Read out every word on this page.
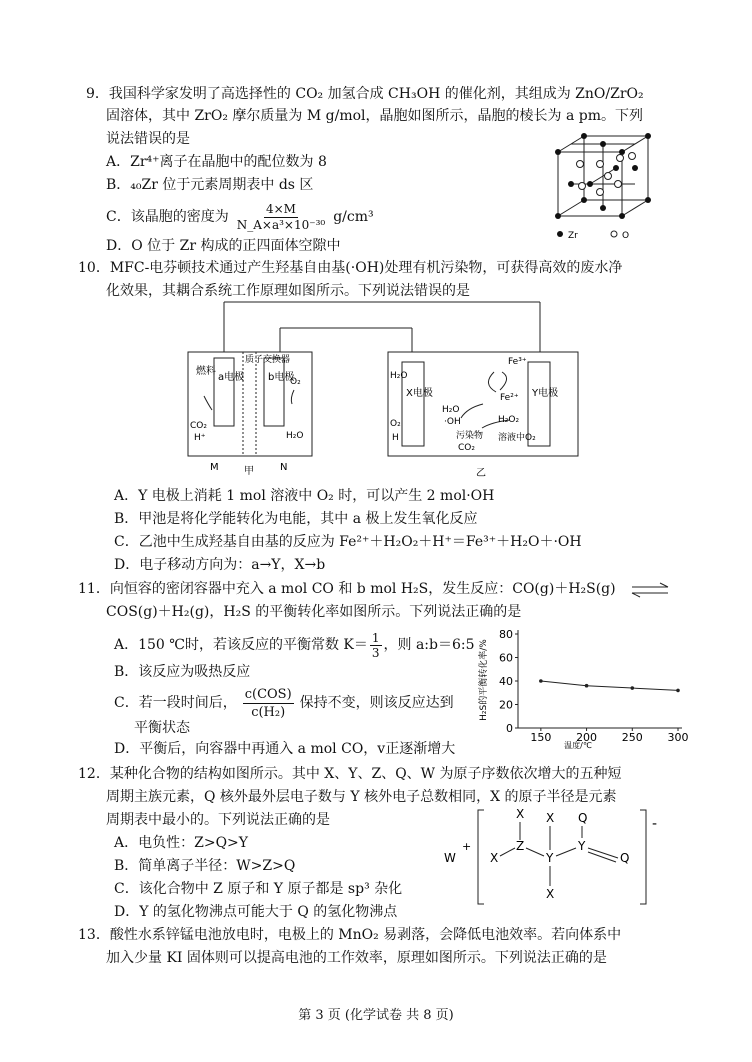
9．我国科学家发明了高选择性的 CO₂ 加氢合成 CH₃OH 的催化剂，其组成为 ZnO/ZrO₂
固溶体，其中 ZrO₂ 摩尔质量为 M g/mol，晶胞如图所示，晶胞的棱长为 a pm。下列
说法错误的是
A．Zr⁴⁺离子在晶胞中的配位数为 8
B．₄₀Zr 位于元素周期表中 ds 区
C．该晶胞的密度为 $\frac{4\times M}{\text{N\_A×a³×10⁻³⁰}} g/cm^3$
D．O 位于 Zr 构成的正四面体空隙中
Zr	O
10．MFC-电芬顿技术通过产生羟基自由基(·OH)处理有机污染物，可获得高效的废水净
化效果，其耦合系统工作原理如图所示。下列说法错误的是
燃料
CO₂
H⁺
a电极
质子交换器
b电极
O₂
H₂O
M	甲	N
X电极	Y电极
H₂O
O₂
H
Fe³⁺
Fe²⁺
H₂O
·OH
污染物
CO₂
H₂O₂
溶液中O₂
乙
A．Y 电极上消耗 1 mol 溶液中 O₂ 时，可以产生 2 mol·OH
B．甲池是将化学能转化为电能，其中 a 极上发生氧化反应
C．乙池中生成羟基自由基的反应为 Fe²⁺＋H₂O₂＋H⁺＝Fe³⁺＋H₂O＋·OH
D．电子移动方向为：a→Y，X→b
11．向恒容的密闭容器中充入 a mol CO 和 b mol H₂S，发生反应：CO(g)＋H₂S(g) ⇌
COS(g)＋H₂(g)，H₂S 的平衡转化率如图所示。下列说法正确的是
A．150 ℃时，若该反应的平衡常数 $K= \frac{1}{3}$ ，则 a:b＝6:5
B．该反应为吸热反应
C．若一段时间后，
c(COS)
c(H₂)
保持不变，则该反应达到
平衡状态
D．平衡后，向容器中再通入 a mol CO，v正逐渐增大
0
20
40
60
80
150 200 250 300
H₂S的平衡转化率/%
温度/℃
12．某种化合物的结构如图所示。其中 X、Y、Z、Q、W 为原子序数依次增大的五种短
周期主族元素，Q 核外最外层电子数与 Y 核外电子总数相同，X 的原子半径是元素
周期表中最小的。下列说法正确的是
A．电负性：Z>Q>Y
B．简单离子半径：W>Z>Q
C．该化合物中 Z 原子和 Y 原子都是 sp³ 杂化
D．Y 的氢化物沸点可能大于 Q 的氢化物沸点
W
+
-
X X Q
X
Z
Y
Y
Q
X
13．酸性水系锌锰电池放电时，电极上的 MnO₂ 易剥落，会降低电池效率。若向体系中
加入少量 KI 固体则可以提高电池的工作效率，原理如图所示。下列说法正确的是
第 3 页 (化学试卷 共 8 页)
